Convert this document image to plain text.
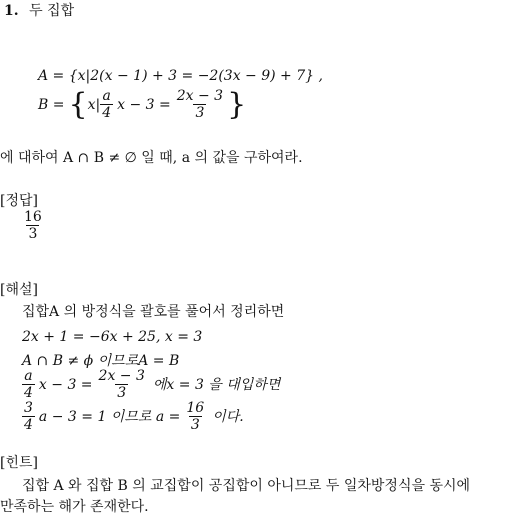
1. 두 집합
A = {x|2(x − 1) + 3 = −2(3x − 9) + 7} ,
B = { $x| \frac{a}{4}$ $x - 3 = \frac{2x - 3}{3}$ }
에 대하여 A ∩ B ≠ ∅ 일 때, a 의 값을 구하여라.
[정답]
$\frac{16}{3}$
[해설]
집합A 의 방정식을 괄호를 풀어서 정리하면
2x + 1 = −6x + 25, x = 3
A ∩ B ≠ ϕ 이므로A = B
$\frac{a}{4}$ $x - 3 = \frac{2x - 3}{3}$ 에x = 3 을 대입하면
$\frac{3}{4}$ a − 3 = 1 이므로 $a = \frac{16}{3}$ 이다.
[힌트]
집합 A 와 집합 B 의 교집합이 공집합이 아니므로 두 일차방정식을 동시에
만족하는 해가 존재한다.
